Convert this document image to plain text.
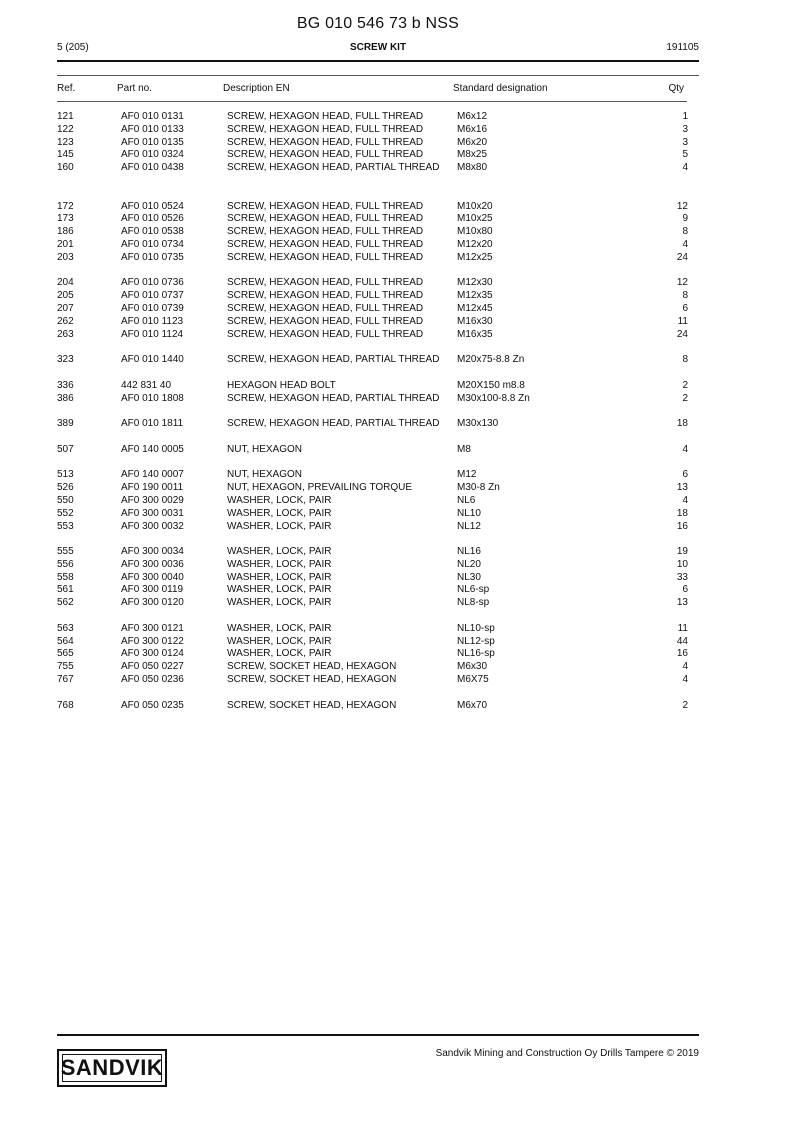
BG 010 546 73 b NSS
5 (205)	SCREW KIT	191105
Ref.	Part no.	Description EN	Standard designation	Qty
121	AF0 010 0131	SCREW, HEXAGON HEAD, FULL THREAD	M6x12	1
122	AF0 010 0133	SCREW, HEXAGON HEAD, FULL THREAD	M6x16	3
123	AF0 010 0135	SCREW, HEXAGON HEAD, FULL THREAD	M6x20	3
145	AF0 010 0324	SCREW, HEXAGON HEAD, FULL THREAD	M8x25	5
160	AF0 010 0438	SCREW, HEXAGON HEAD, PARTIAL THREAD	M8x80	4
172	AF0 010 0524	SCREW, HEXAGON HEAD, FULL THREAD	M10x20	12
173	AF0 010 0526	SCREW, HEXAGON HEAD, FULL THREAD	M10x25	9
186	AF0 010 0538	SCREW, HEXAGON HEAD, FULL THREAD	M10x80	8
201	AF0 010 0734	SCREW, HEXAGON HEAD, FULL THREAD	M12x20	4
203	AF0 010 0735	SCREW, HEXAGON HEAD, FULL THREAD	M12x25	24
204	AF0 010 0736	SCREW, HEXAGON HEAD, FULL THREAD	M12x30	12
205	AF0 010 0737	SCREW, HEXAGON HEAD, FULL THREAD	M12x35	8
207	AF0 010 0739	SCREW, HEXAGON HEAD, FULL THREAD	M12x45	6
262	AF0 010 1123	SCREW, HEXAGON HEAD, FULL THREAD	M16x30	11
263	AF0 010 1124	SCREW, HEXAGON HEAD, FULL THREAD	M16x35	24
323	AF0 010 1440	SCREW, HEXAGON HEAD, PARTIAL THREAD	M20x75-8.8 Zn	8
336	442 831 40	HEXAGON HEAD BOLT	M20X150 m8.8	2
386	AF0 010 1808	SCREW, HEXAGON HEAD, PARTIAL THREAD	M30x100-8.8 Zn	2
389	AF0 010 1811	SCREW, HEXAGON HEAD, PARTIAL THREAD	M30x130	18
507	AF0 140 0005	NUT, HEXAGON	M8	4
513	AF0 140 0007	NUT, HEXAGON	M12	6
526	AF0 190 0011	NUT, HEXAGON, PREVAILING TORQUE	M30-8 Zn	13
550	AF0 300 0029	WASHER, LOCK, PAIR	NL6	4
552	AF0 300 0031	WASHER, LOCK, PAIR	NL10	18
553	AF0 300 0032	WASHER, LOCK, PAIR	NL12	16
555	AF0 300 0034	WASHER, LOCK, PAIR	NL16	19
556	AF0 300 0036	WASHER, LOCK, PAIR	NL20	10
558	AF0 300 0040	WASHER, LOCK, PAIR	NL30	33
561	AF0 300 0119	WASHER, LOCK, PAIR	NL6-sp	6
562	AF0 300 0120	WASHER, LOCK, PAIR	NL8-sp	13
563	AF0 300 0121	WASHER, LOCK, PAIR	NL10-sp	11
564	AF0 300 0122	WASHER, LOCK, PAIR	NL12-sp	44
565	AF0 300 0124	WASHER, LOCK, PAIR	NL16-sp	16
755	AF0 050 0227	SCREW, SOCKET HEAD, HEXAGON	M6x30	4
767	AF0 050 0236	SCREW, SOCKET HEAD, HEXAGON	M6X75	4
768	AF0 050 0235	SCREW, SOCKET HEAD, HEXAGON	M6x70	2
SANDVIK
Sandvik Mining and Construction Oy Drills Tampere © 2019
